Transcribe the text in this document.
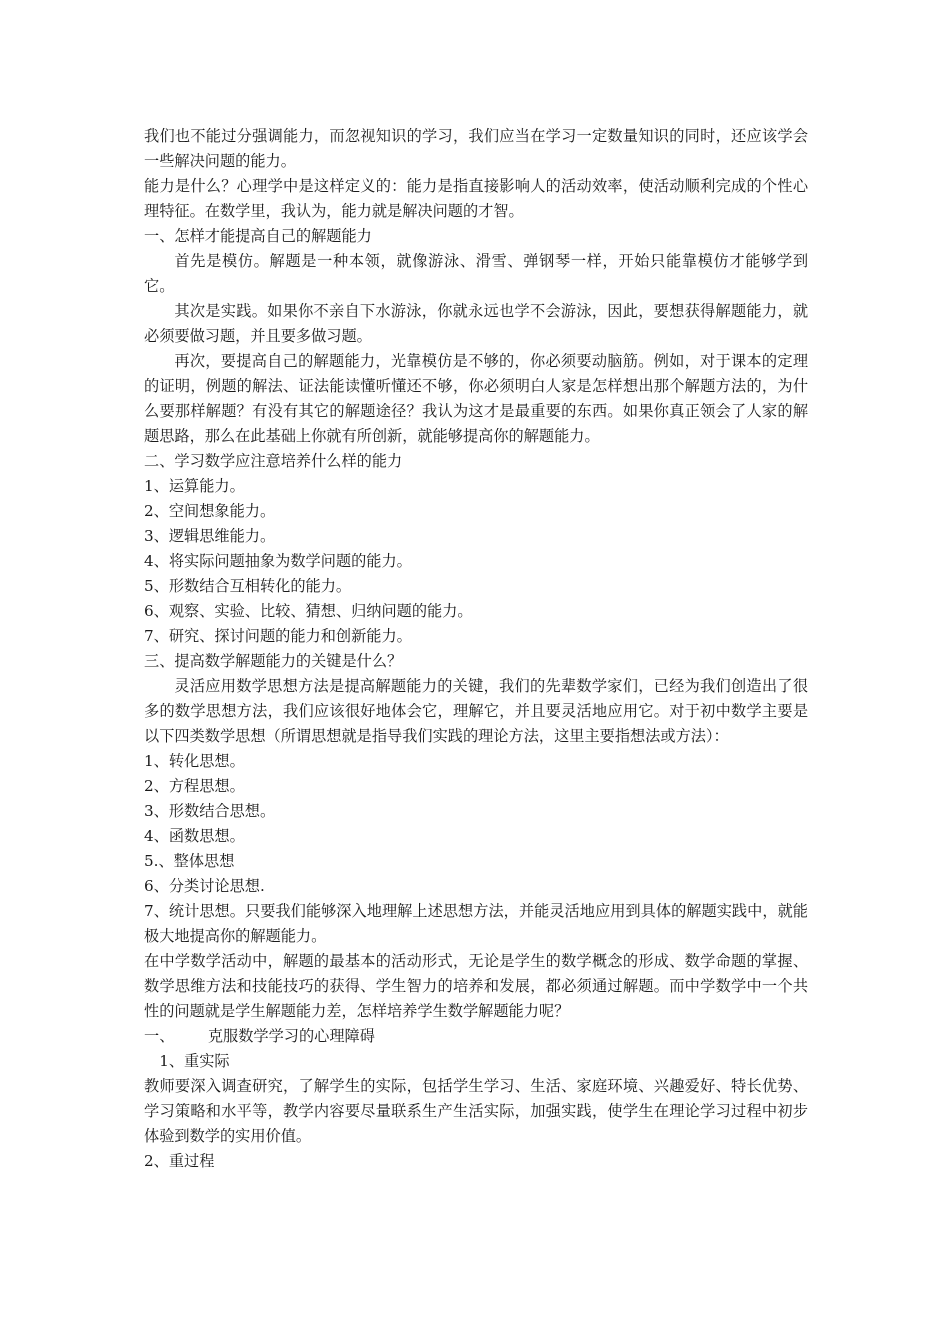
我们也不能过分强调能力，而忽视知识的学习，我们应当在学习一定数量知识的同时，还应该学会一些解决问题的能力。

能力是什么？心理学中是这样定义的：能力是指直接影响人的活动效率，使活动顺利完成的个性心理特征。在数学里，我认为，能力就是解决问题的才智。

一、怎样才能提高自己的解题能力

首先是模仿。解题是一种本领，就像游泳、滑雪、弹钢琴一样，开始只能靠模仿才能够学到它。

其次是实践。如果你不亲自下水游泳，你就永远也学不会游泳，因此，要想获得解题能力，就必须要做习题，并且要多做习题。

再次，要提高自己的解题能力，光靠模仿是不够的，你必须要动脑筋。例如，对于课本的定理的证明，例题的解法、证法能读懂听懂还不够，你必须明白人家是怎样想出那个解题方法的，为什么要那样解题？有没有其它的解题途径？我认为这才是最重要的东西。如果你真正领会了人家的解题思路，那么在此基础上你就有所创新，就能够提高你的解题能力。

二、学习数学应注意培养什么样的能力

1、运算能力。

2、空间想象能力。

3、逻辑思维能力。

4、将实际问题抽象为数学问题的能力。

5、形数结合互相转化的能力。

6、观察、实验、比较、猜想、归纳问题的能力。

7、研究、探讨问题的能力和创新能力。

三、提高数学解题能力的关键是什么？

灵活应用数学思想方法是提高解题能力的关键，我们的先辈数学家们，已经为我们创造出了很多的数学思想方法，我们应该很好地体会它，理解它，并且要灵活地应用它。对于初中数学主要是以下四类数学思想（所谓思想就是指导我们实践的理论方法，这里主要指想法或方法）：

1、转化思想。

2、方程思想。

3、形数结合思想。

4、函数思想。

5.、整体思想

6、分类讨论思想.

7、统计思想。只要我们能够深入地理解上述思想方法，并能灵活地应用到具体的解题实践中，就能极大地提高你的解题能力。

在中学数学活动中，解题的最基本的活动形式，无论是学生的数学概念的形成、数学命题的掌握、数学思维方法和技能技巧的获得、学生智力的培养和发展，都必须通过解题。而中学数学中一个共性的问题就是学生解题能力差，怎样培养学生数学解题能力呢？

一、 克服数学学习的心理障碍

1、重实际

教师要深入调查研究，了解学生的实际，包括学生学习、生活、家庭环境、兴趣爱好、特长优势、学习策略和水平等，教学内容要尽量联系生产生活实际，加强实践，使学生在理论学习过程中初步体验到数学的实用价值。

2、重过程
